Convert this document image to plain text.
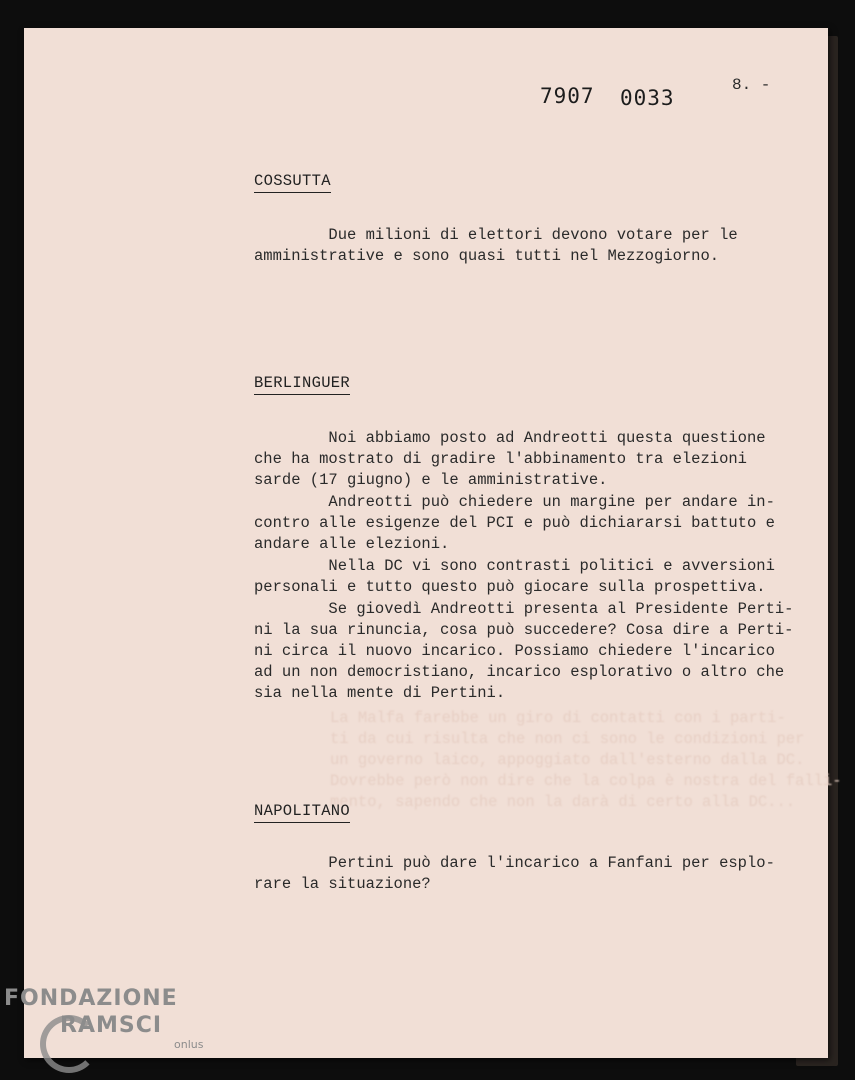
La Malfa farebbe un giro di contatti con i parti-
ti da cui risulta che non ci sono le condizioni per
un governo laico, appoggiato dall'esterno dalla DC.
Dovrebbe però non dire che la colpa è nostra del falli-
mento, sapendo che non la darà di certo alla DC...
7907 0033
8. -
COSSUTTA

Due milioni di elettori devono votare per le
amministrative e sono quasi tutti nel Mezzogiorno.

BERLINGUER

Noi abbiamo posto ad Andreotti questa questione
che ha mostrato di gradire l'abbinamento tra elezioni
sarde (17 giugno) e le amministrative.

Andreotti può chiedere un margine per andare in-
contro alle esigenze del PCI e può dichiararsi battuto e
andare alle elezioni.

Nella DC vi sono contrasti politici e avversioni
personali e tutto questo può giocare sulla prospettiva.

Se giovedì Andreotti presenta al Presidente Perti-
ni la sua rinuncia, cosa può succedere? Cosa dire a Perti-
ni circa il nuovo incarico. Possiamo chiedere l'incarico
ad un non democristiano, incarico esplorativo o altro che
sia nella mente di Pertini.

NAPOLITANO

Pertini può dare l'incarico a Fanfani per esplo-
rare la situazione?

FONDAZIONE
RAMSCI
onlus
